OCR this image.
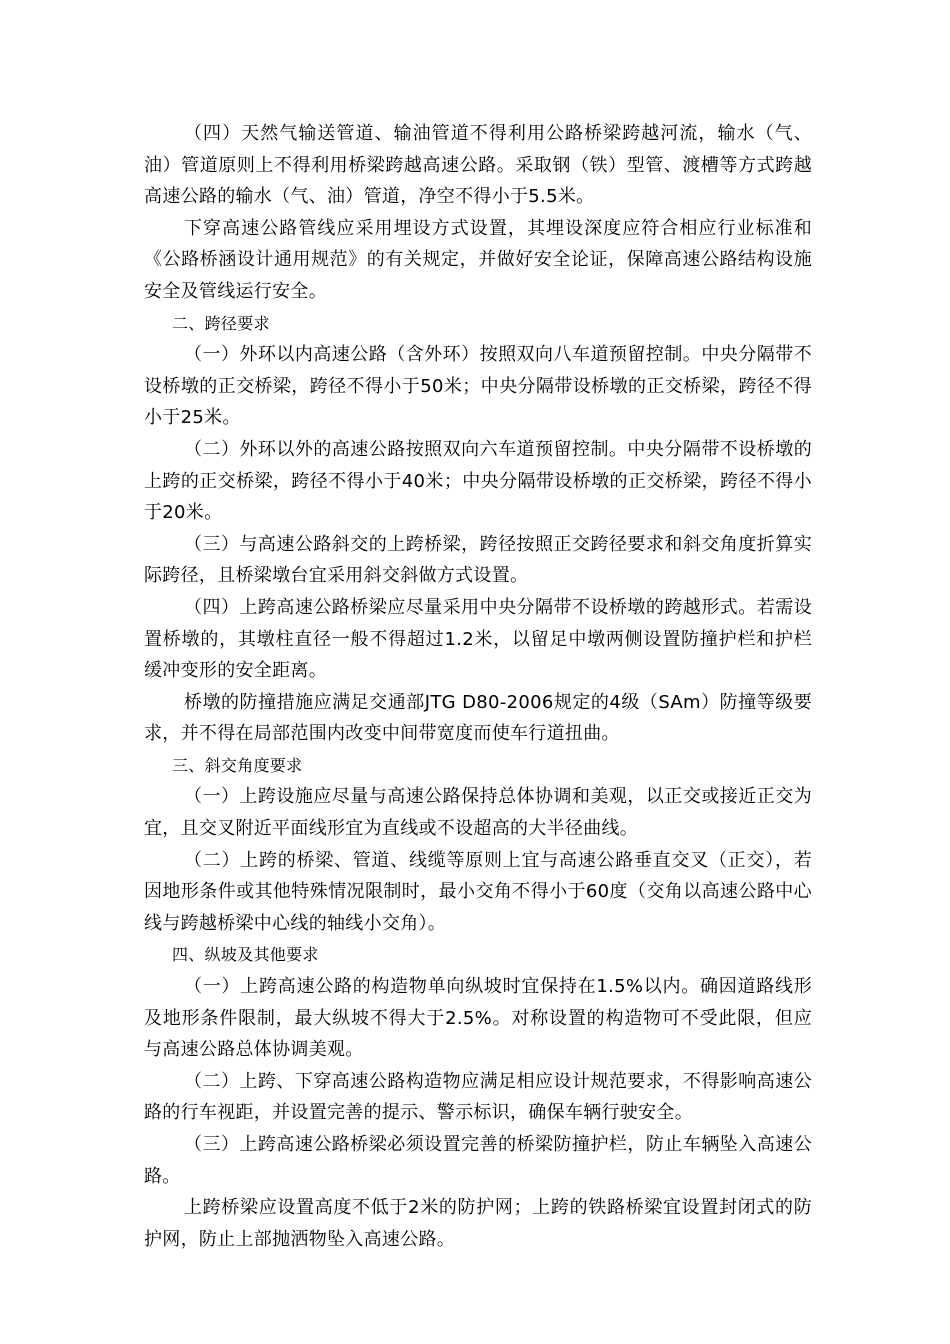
（四）天然气输送管道、输油管道不得利用公路桥梁跨越河流，输水（气、油）管道原则上不得利用桥梁跨越高速公路。采取钢（铁）型管、渡槽等方式跨越高速公路的输水（气、油）管道，净空不得小于5.5米。

下穿高速公路管线应采用埋设方式设置，其埋设深度应符合相应行业标准和《公路桥涵设计通用规范》的有关规定，并做好安全论证，保障高速公路结构设施安全及管线运行安全。

二、跨径要求

（一）外环以内高速公路（含外环）按照双向八车道预留控制。中央分隔带不设桥墩的正交桥梁，跨径不得小于50米；中央分隔带设桥墩的正交桥梁，跨径不得小于25米。

（二）外环以外的高速公路按照双向六车道预留控制。中央分隔带不设桥墩的上跨的正交桥梁，跨径不得小于40米；中央分隔带设桥墩的正交桥梁，跨径不得小于20米。

（三）与高速公路斜交的上跨桥梁，跨径按照正交跨径要求和斜交角度折算实际跨径，且桥梁墩台宜采用斜交斜做方式设置。

（四）上跨高速公路桥梁应尽量采用中央分隔带不设桥墩的跨越形式。若需设置桥墩的，其墩柱直径一般不得超过1.2米，以留足中墩两侧设置防撞护栏和护栏缓冲变形的安全距离。

桥墩的防撞措施应满足交通部JTG D80-2006规定的4级（SAm）防撞等级要求，并不得在局部范围内改变中间带宽度而使车行道扭曲。

三、斜交角度要求

（一）上跨设施应尽量与高速公路保持总体协调和美观，以正交或接近正交为宜，且交叉附近平面线形宜为直线或不设超高的大半径曲线。

（二）上跨的桥梁、管道、线缆等原则上宜与高速公路垂直交叉（正交），若因地形条件或其他特殊情况限制时，最小交角不得小于60度（交角以高速公路中心线与跨越桥梁中心线的轴线小交角）。

四、纵坡及其他要求

（一）上跨高速公路的构造物单向纵坡时宜保持在1.5%以内。确因道路线形及地形条件限制，最大纵坡不得大于2.5%。对称设置的构造物可不受此限，但应与高速公路总体协调美观。

（二）上跨、下穿高速公路构造物应满足相应设计规范要求，不得影响高速公路的行车视距，并设置完善的提示、警示标识，确保车辆行驶安全。

（三）上跨高速公路桥梁必须设置完善的桥梁防撞护栏，防止车辆坠入高速公路。

上跨桥梁应设置高度不低于2米的防护网；上跨的铁路桥梁宜设置封闭式的防护网，防止上部抛洒物坠入高速公路。
